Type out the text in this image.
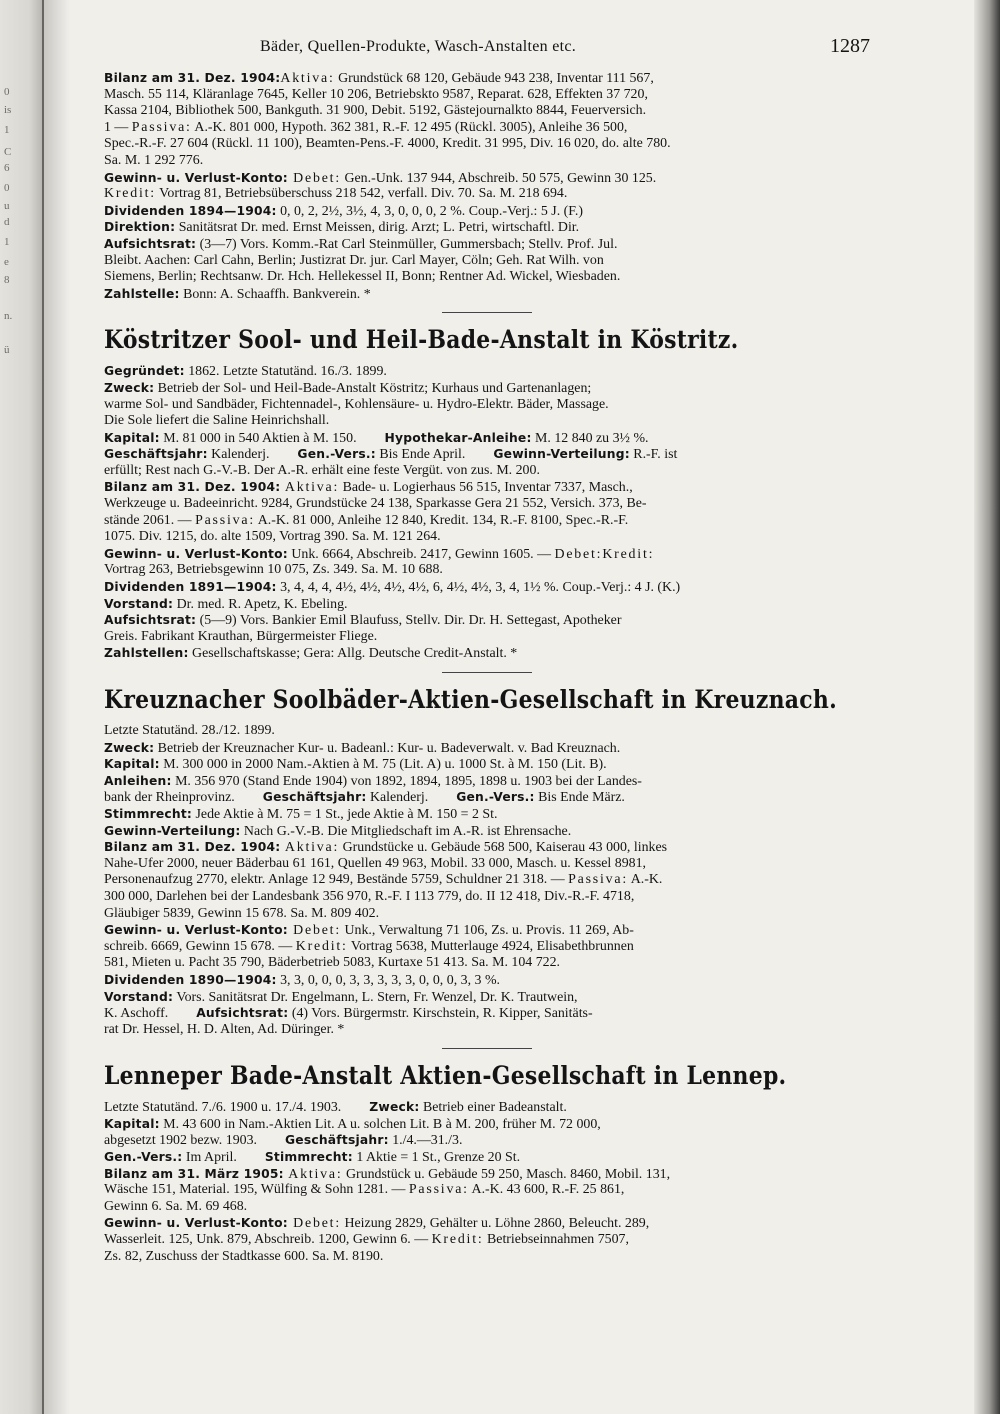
0
is
1
C
6
0
u
d
1
e
8
n.
ü
Bäder, Quellen-Produkte, Wasch-Anstalten etc.	1287
Bilanz am 31. Dez. 1904:Aktiva: Grundstück 68 120, Gebäude 943 238, Inventar 111 567,
Masch. 55 114, Kläranlage 7645, Keller 10 206, Betriebskto 9587, Reparat. 628, Effekten 37 720,
Kassa 2104, Bibliothek 500, Bankguth. 31 900, Debit. 5192, Gästejournalkto 8844, Feuerversich.
1 — Passiva: A.-K. 801 000, Hypoth. 362 381, R.-F. 12 495 (Rückl. 3005), Anleihe 36 500,
Spec.-R.-F. 27 604 (Rückl. 11 100), Beamten-Pens.-F. 4000, Kredit. 31 995, Div. 16 020, do. alte 780.
Sa. M. 1 292 776.
Gewinn- u. Verlust-Konto: Debet: Gen.-Unk. 137 944, Abschreib. 50 575, Gewinn 30 125.
Kredit: Vortrag 81, Betriebsüberschuss 218 542, verfall. Div. 70. Sa. M. 218 694.
Dividenden 1894—1904: 0, 0, 2, 2½, 3½, 4, 3, 0, 0, 0, 2 %. Coup.-Verj.: 5 J. (F.)
Direktion: Sanitätsrat Dr. med. Ernst Meissen, dirig. Arzt; L. Petri, wirtschaftl. Dir.
Aufsichtsrat: (3—7) Vors. Komm.-Rat Carl Steinmüller, Gummersbach; Stellv. Prof. Jul.
Bleibt. Aachen: Carl Cahn, Berlin; Justizrat Dr. jur. Carl Mayer, Cöln; Geh. Rat Wilh. von
Siemens, Berlin; Rechtsanw. Dr. Hch. Hellekessel II, Bonn; Rentner Ad. Wickel, Wiesbaden.
Zahlstelle: Bonn: A. Schaaffh. Bankverein. *
Köstritzer Sool- und Heil-Bade-Anstalt in Köstritz.
Gegründet: 1862. Letzte Statutänd. 16./3. 1899.
Zweck: Betrieb der Sol- und Heil-Bade-Anstalt Köstritz; Kurhaus und Gartenanlagen;
warme Sol- und Sandbäder, Fichtennadel-, Kohlensäure- u. Hydro-Elektr. Bäder, Massage.
Die Sole liefert die Saline Heinrichshall.
Kapital: M. 81 000 in 540 Aktien à M. 150. Hypothekar-Anleihe: M. 12 840 zu 3½ %.
Geschäftsjahr: Kalenderj. Gen.-Vers.: Bis Ende April. Gewinn-Verteilung: R.-F. ist
erfüllt; Rest nach G.-V.-B. Der A.-R. erhält eine feste Vergüt. von zus. M. 200.
Bilanz am 31. Dez. 1904: Aktiva: Bade- u. Logierhaus 56 515, Inventar 7337, Masch.,
Werkzeuge u. Badeeinricht. 9284, Grundstücke 24 138, Sparkasse Gera 21 552, Versich. 373, Be-
stände 2061. — Passiva: A.-K. 81 000, Anleihe 12 840, Kredit. 134, R.-F. 8100, Spec.-R.-F.
1075. Div. 1215, do. alte 1509, Vortrag 390. Sa. M. 121 264.
Gewinn- u. Verlust-Konto: Unk. 6664, Abschreib. 2417, Gewinn 1605. — Debet:Kredit:
Vortrag 263, Betriebsgewinn 10 075, Zs. 349. Sa. M. 10 688.
Dividenden 1891—1904: 3, 4, 4, 4, 4½, 4½, 4½, 4½, 6, 4½, 4½, 3, 4, 1½ %. Coup.-Verj.: 4 J. (K.)
Vorstand: Dr. med. R. Apetz, K. Ebeling.
Aufsichtsrat: (5—9) Vors. Bankier Emil Blaufuss, Stellv. Dir. Dr. H. Settegast, Apotheker
Greis. Fabrikant Krauthan, Bürgermeister Fliege.
Zahlstellen: Gesellschaftskasse; Gera: Allg. Deutsche Credit-Anstalt. *
Kreuznacher Soolbäder-Aktien-Gesellschaft in Kreuznach.
Letzte Statutänd. 28./12. 1899.
Zweck: Betrieb der Kreuznacher Kur- u. Badeanl.: Kur- u. Badeverwalt. v. Bad Kreuznach.
Kapital: M. 300 000 in 2000 Nam.-Aktien à M. 75 (Lit. A) u. 1000 St. à M. 150 (Lit. B).
Anleihen: M. 356 970 (Stand Ende 1904) von 1892, 1894, 1895, 1898 u. 1903 bei der Landes-
bank der Rheinprovinz. Geschäftsjahr: Kalenderj. Gen.-Vers.: Bis Ende März.
Stimmrecht: Jede Aktie à M. 75 = 1 St., jede Aktie à M. 150 = 2 St.
Gewinn-Verteilung: Nach G.-V.-B. Die Mitgliedschaft im A.-R. ist Ehrensache.
Bilanz am 31. Dez. 1904: Aktiva: Grundstücke u. Gebäude 568 500, Kaiserau 43 000, linkes
Nahe-Ufer 2000, neuer Bäderbau 61 161, Quellen 49 963, Mobil. 33 000, Masch. u. Kessel 8981,
Personenaufzug 2770, elektr. Anlage 12 949, Bestände 5759, Schuldner 21 318. — Passiva: A.-K.
300 000, Darlehen bei der Landesbank 356 970, R.-F. I 113 779, do. II 12 418, Div.-R.-F. 4718,
Gläubiger 5839, Gewinn 15 678. Sa. M. 809 402.
Gewinn- u. Verlust-Konto: Debet: Unk., Verwaltung 71 106, Zs. u. Provis. 11 269, Ab-
schreib. 6669, Gewinn 15 678. — Kredit: Vortrag 5638, Mutterlauge 4924, Elisabethbrunnen
581, Mieten u. Pacht 35 790, Bäderbetrieb 5083, Kurtaxe 51 413. Sa. M. 104 722.
Dividenden 1890—1904: 3, 3, 0, 0, 0, 3, 3, 3, 3, 3, 0, 0, 0, 3, 3 %.
Vorstand: Vors. Sanitätsrat Dr. Engelmann, L. Stern, Fr. Wenzel, Dr. K. Trautwein,
K. Aschoff. Aufsichtsrat: (4) Vors. Bürgermstr. Kirschstein, R. Kipper, Sanitäts-
rat Dr. Hessel, H. D. Alten, Ad. Düringer. *
Lenneper Bade-Anstalt Aktien-Gesellschaft in Lennep.
Letzte Statutänd. 7./6. 1900 u. 17./4. 1903. Zweck: Betrieb einer Badeanstalt.
Kapital: M. 43 600 in Nam.-Aktien Lit. A u. solchen Lit. B à M. 200, früher M. 72 000,
abgesetzt 1902 bezw. 1903. Geschäftsjahr: 1./4.—31./3.
Gen.-Vers.: Im April. Stimmrecht: 1 Aktie = 1 St., Grenze 20 St.
Bilanz am 31. März 1905: Aktiva: Grundstück u. Gebäude 59 250, Masch. 8460, Mobil. 131,
Wäsche 151, Material. 195, Wülfing & Sohn 1281. — Passiva: A.-K. 43 600, R.-F. 25 861,
Gewinn 6. Sa. M. 69 468.
Gewinn- u. Verlust-Konto: Debet: Heizung 2829, Gehälter u. Löhne 2860, Beleucht. 289,
Wasserleit. 125, Unk. 879, Abschreib. 1200, Gewinn 6. — Kredit: Betriebseinnahmen 7507,
Zs. 82, Zuschuss der Stadtkasse 600. Sa. M. 8190.
